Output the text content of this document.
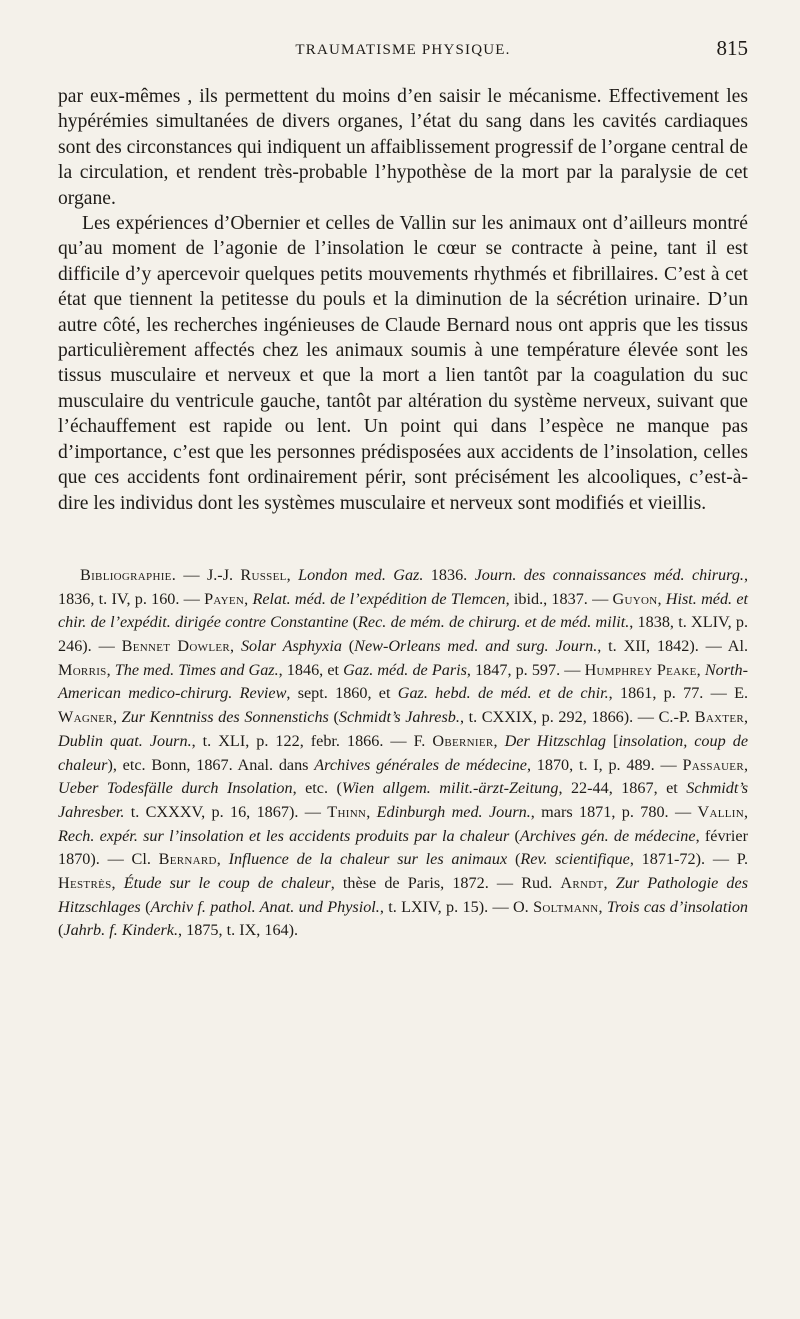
TRAUMATISME PHYSIQUE.	815

par eux-mêmes , ils permettent du moins d’en saisir le mécanisme. Effectivement les hypérémies simultanées de divers organes, l’état du sang dans les cavités cardiaques sont des circonstances qui indiquent un affaiblissement progressif de l’organe central de la circulation, et rendent très-probable l’hypothèse de la mort par la paralysie de cet organe.

Les expériences d’Obernier et celles de Vallin sur les animaux ont d’ailleurs montré qu’au moment de l’agonie de l’insolation le cœur se contracte à peine, tant il est difficile d’y apercevoir quelques petits mouvements rhythmés et fibrillaires. C’est à cet état que tiennent la petitesse du pouls et la diminution de la sécrétion urinaire. D’un autre côté, les recherches ingénieuses de Claude Bernard nous ont appris que les tissus particulièrement affectés chez les animaux soumis à une température élevée sont les tissus musculaire et nerveux et que la mort a lien tantôt par la coagulation du suc musculaire du ventricule gauche, tantôt par altération du système nerveux, suivant que l’échauffement est rapide ou lent. Un point qui dans l’espèce ne manque pas d’importance, c’est que les personnes prédisposées aux accidents de l’insolation, celles que ces accidents font ordinairement périr, sont précisément les alcooliques, c’est-à-dire les individus dont les systèmes musculaire et nerveux sont modifiés et vieillis.

Bibliographie. — J.-J. Russel, London med. Gaz. 1836. Journ. des connaissances méd. chirurg., 1836, t. IV, p. 160. — Payen, Relat. méd. de l’expédition de Tlemcen, ibid., 1837. — Guyon, Hist. méd. et chir. de l’expédit. dirigée contre Constantine (Rec. de mém. de chirurg. et de méd. milit., 1838, t. XLIV, p. 246). — Bennet Dowler, Solar Asphyxia (New-Orleans med. and surg. Journ., t. XII, 1842). — Al. Morris, The med. Times and Gaz., 1846, et Gaz. méd. de Paris, 1847, p. 597. — Humphrey Peake, North-American medico-chirurg. Review, sept. 1860, et Gaz. hebd. de méd. et de chir., 1861, p. 77. — E. Wagner, Zur Kenntniss des Sonnenstichs (Schmidt’s Jahresb., t. CXXIX, p. 292, 1866). — C.-P. Baxter, Dublin quat. Journ., t. XLI, p. 122, febr. 1866. — F. Obernier, Der Hitzschlag [insolation, coup de chaleur), etc. Bonn, 1867. Anal. dans Archives générales de médecine, 1870, t. I, p. 489. — Passauer, Ueber Todesfälle durch Insolation, etc. (Wien allgem. milit.-ärzt-Zeitung, 22-44, 1867, et Schmidt’s Jahresber. t. CXXXV, p. 16, 1867). — Thinn, Edinburgh med. Journ., mars 1871, p. 780. — Vallin, Rech. expér. sur l’insolation et les accidents produits par la chaleur (Archives gén. de médecine, février 1870). — Cl. Bernard, Influence de la chaleur sur les animaux (Rev. scientifique, 1871-72). — P. Hestrès, Étude sur le coup de chaleur, thèse de Paris, 1872. — Rud. Arndt, Zur Pathologie des Hitzschlages (Archiv f. pathol. Anat. und Physiol., t. LXIV, p. 15). — O. Soltmann, Trois cas d’insolation (Jahrb. f. Kinderk., 1875, t. IX, 164).
